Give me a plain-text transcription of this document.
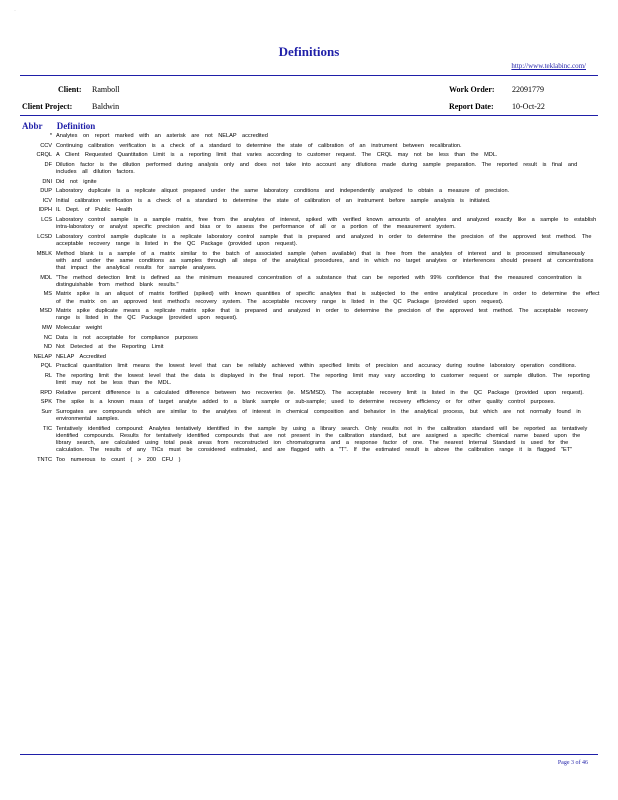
·
Definitions
http://www.teklabinc.com/
Client: Ramboll	Work Order: 22091779
Client Project: Baldwin	Report Date: 10-Oct-22
Abbr Definition
* Analytes on report marked with an asterisk are not NELAP accredited
CCV Continuing calibration verification is a check of a standard to determine the state of calibration of an instrument between recalibration.
CRQL A Client Requested Quantitation Limit is a reporting limit that varies according to customer request. The CRQL may not be less than the MDL.
DF Dilution factor is the dilution performed during analysis only and does not take into account any dilutions made during sample preparation. The reported result is final and includes all dilution factors.
DNI Did not ignite
DUP Laboratory duplicate is a replicate aliquot prepared under the same laboratory conditions and independently analyzed to obtain a measure of precision.
ICV Initial calibration verification is a check of a standard to determine the state of calibration of an instrument before sample analysis is initiated.
IDPH IL Dept. of Public Health
LCS Laboratory control sample is a sample matrix, free from the analytes of interest, spiked with verified known amounts of analytes and analyzed exactly like a sample to establish intra-laboratory or analyst specific precision and bias or to assess the performance of all or a portion of the measurement system.
LCSD Laboratory control sample duplicate is a replicate laboratory control sample that is prepared and analyzed in order to determine the precision of the approved test method. The acceptable recovery range is listed in the QC Package (provided upon request).
MBLK Method blank is a sample of a matrix similar to the batch of associated sample (when available) that is free from the analytes of interest and is processed simultaneously with and under the same conditions as samples through all steps of the analytical procedures, and in which no target analytes or interferences should present at concentrations that impact the analytical results for sample analyses.
MDL "The method detection limit is defined as the minimum measured concentration of a substance that can be reported with 99% confidence that the measured concentration is distinguishable from method blank results."
MS Matrix spike is an aliquot of matrix fortified (spiked) with known quantities of specific analytes that is subjected to the entire analytical procedure in order to determine the effect of the matrix on an approved test method's recovery system. The acceptable recovery range is listed in the QC Package (provided upon request).
MSD Matrix spike duplicate means a replicate matrix spike that is prepared and analyzed in order to determine the precision of the approved test method. The acceptable recovery range is listed in the QC Package (provided upon request).
MW Molecular weight
NC Data is not acceptable for compliance purposes
ND Not Detected at the Reporting Limit
NELAP NELAP Accredited
PQL Practical quantitation limit means the lowest level that can be reliably achieved within specified limits of precision and accuracy during routine laboratory operation conditions.
RL The reporting limit the lowest level that the data is displayed in the final report. The reporting limit may vary according to customer request or sample dilution. The reporting limit may not be less than the MDL.
RPD Relative percent difference is a calculated difference between two recoveries (ie. MS/MSD). The acceptable recovery limit is listed in the QC Package (provided upon request).
SPK The spike is a known mass of target analyte added to a blank sample or sub-sample; used to determine recovery efficiency or for other quality control purposes.
Surr Surrogates are compounds which are similar to the analytes of interest in chemical composition and behavior in the analytical process, but which are not normally found in environmental samples.
TIC Tentatively identified compound: Analytes tentatively identified in the sample by using a library search. Only results not in the calibration standard will be reported as tentatively identified compounds. Results for tentatively identified compounds that are not present in the calibration standard, but are assigned a specific chemical name based upon the library search, are calculated using total peak areas from reconstructed ion chromatograms and a response factor of one. The nearest Internal Standard is used for the calculation. The results of any TICs must be considered estimated, and are flagged with a "T". If the estimated result is above the calibration range it is flagged "ET"
TNTC Too numerous to count ( > 200 CFU )
Page 3 of 46
